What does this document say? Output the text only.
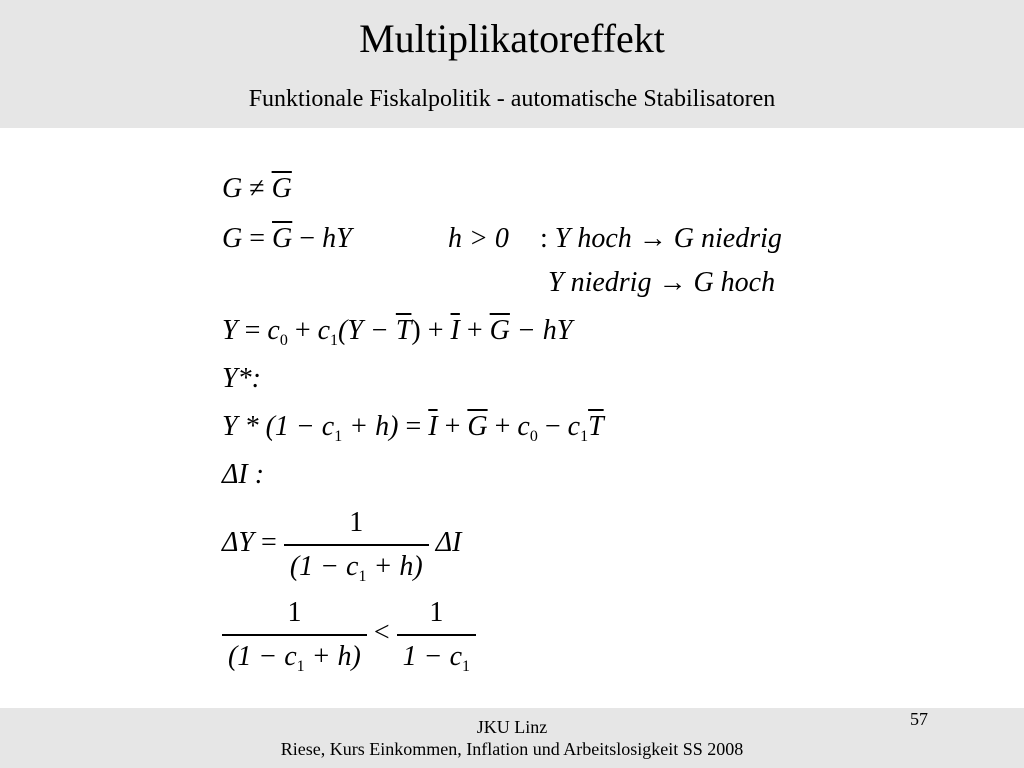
Multiplikatoreffekt
Funktionale Fiskalpolitik - automatische Stabilisatoren
$G \ne \overline{G}$
$G = \overline{G}$ − hY	h > 0 : Y hoch → G niedrig
Y niedrig → G hoch
$Y = c_0 + c_1(Y - \overline{T}) + \overline{I} + \overline{G}$ − hY
Y*:
$Y * (1 - c_1 + h) = \overline{I} + \overline{G} + c_0 - c_1\overline{T}$
ΔI :
$\Delta Y = \frac{1}{(1 - c_1 + h)}$ ΔI
$\frac{1}{(1 - c_1 + h)} < \frac{1}{1 - c_1}$
JKU Linz
Riese, Kurs Einkommen, Inflation und Arbeitslosigkeit SS 2008
57
